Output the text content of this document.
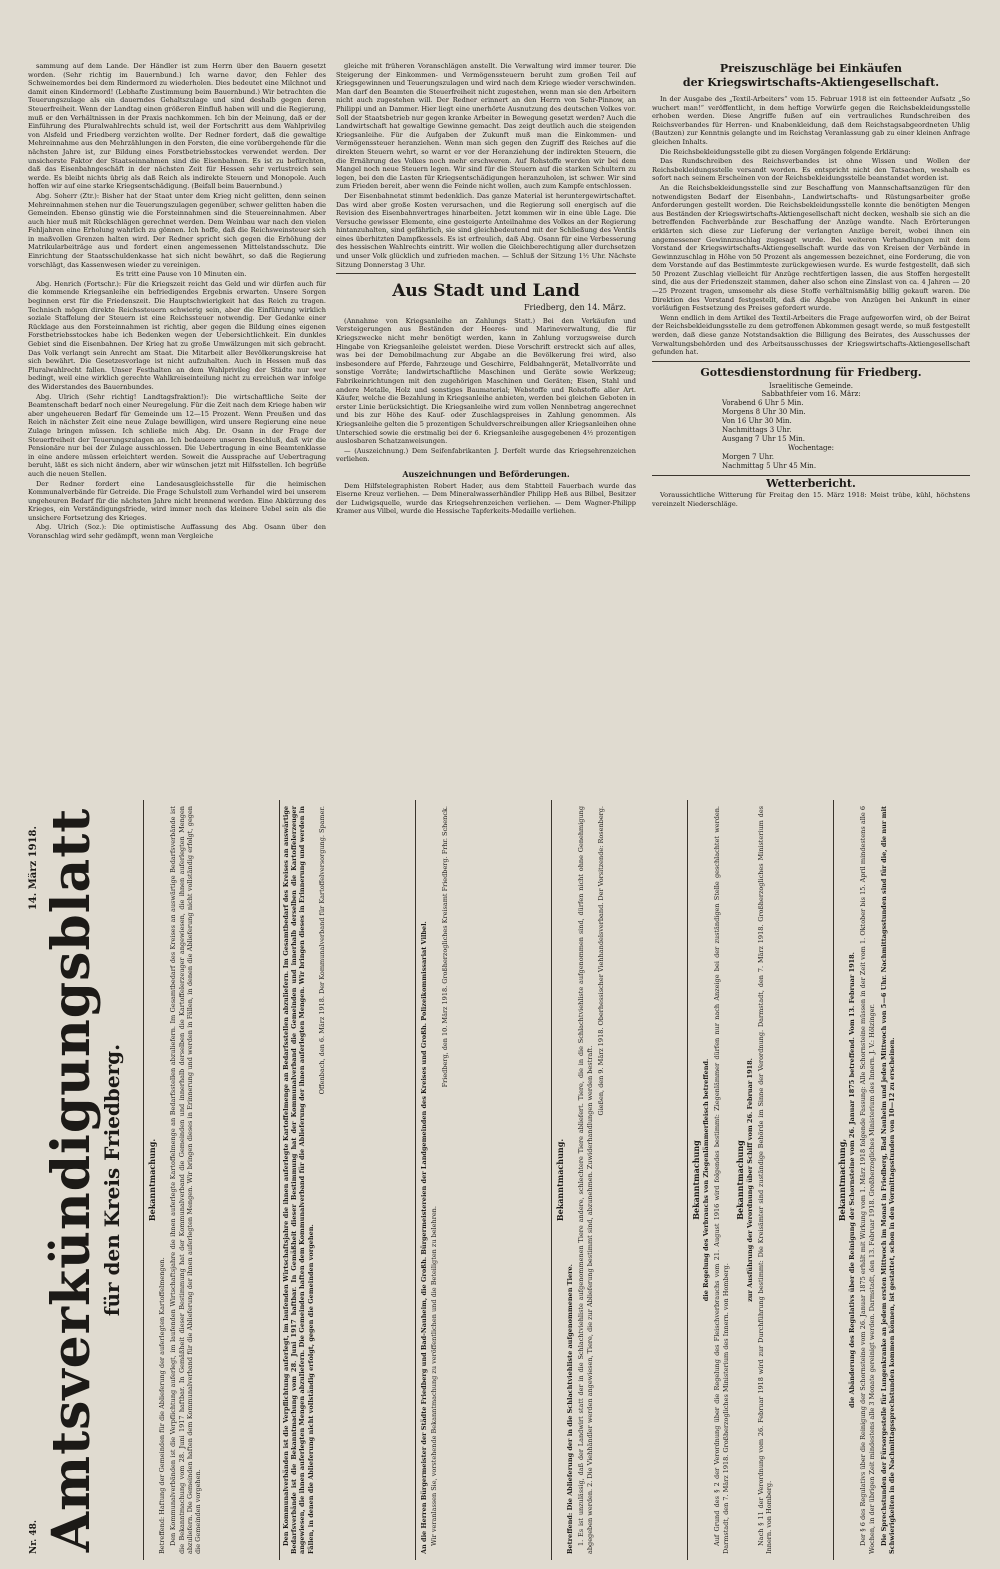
sammung auf dem Lande. Der Händler ist zum Herrn über den Bauern gesetzt worden. (Sehr richtig im Bauernbund.) Ich warne davor, den Fehler des Schweinemordes bei dem Rindermord zu wiederholen. Dies bedeutet eine Milchnot und damit einen Kindermord! (Lebhafte Zustimmung beim Bauernbund.) Wir betrachten die Teuerungszulage als ein dauerndes Gehaltszulage und sind deshalb gegen deren Steuerfreiheit. Wenn der Landtag einen größeren Einfluß haben will und die Regierung, muß er den Verhältnissen in der Praxis nachkommen. Ich bin der Meinung, daß er der Einführung des Pluralwahlrechts schuld ist, weil der Fortschritt aus dem Wahlprivileg von Alsfeld und Friedberg verzichten wollte. Der Redner fordert, daß die gewaltige Mehreinnahme aus den Mehrzählungen in den Forsten, die eine vorübergehende für die nächsten Jahre ist, zur Bildung eines Forstbetriebsstockes verwendet werden. Der unsicherste Faktor der Staatseinnahmen sind die Eisenbahnen. Es ist zu befürchten, daß das Eisenbahngeschäft in der nächsten Zeit für Hessen sehr verlustreich sein werde. Es bleibt nichts übrig als daß Reich als indirekte Steuern und Monopole. Auch hoffen wir auf eine starke Kriegsentschädigung. (Beifall beim Bauernbund.)

Abg. Soherr (Ztr.): Bisher hat der Staat unter dem Krieg nicht gelitten, denn seinen Mehreinnahmen stehen nur die Teuerungszulagen gegenüber, schwer gelitten haben die Gemeinden. Ebenso günstig wie die Forsteinnahmen sind die Steuereinnahmen. Aber auch hier muß mit Rückschlägen gerechnet werden. Dem Weinbau war nach den vielen Fehljahren eine Erholung wahrlich zu gönnen. Ich hoffe, daß die Reichsweinsteuer sich in maßvollen Grenzen halten wird. Der Redner spricht sich gegen die Erhöhung der Matrikularbeiträge aus und fordert einen angemessenen Mittelstandsschutz. Die Einrichtung der Staatsschuldenkasse hat sich nicht bewährt, so daß die Regierung vorschlägt, das Kassenwesen wieder zu vereinigen.

Es tritt eine Pause von 10 Minuten ein.

Abg. Henrich (Fortschr.): Für die Kriegszeit reicht das Geld und wir dürfen auch für die kommende Kriegsanleihe ein befriedigendes Ergebnis erwarten. Unsere Sorgen beginnen erst für die Friedenszeit. Die Hauptschwierigkeit hat das Reich zu tragen. Technisch mögen direkte Reichssteuern schwierig sein, aber die Einführung wirklich soziale Staffelung der Steuern ist eine Reichssteuer notwendig. Der Gedanke einer Rücklage aus den Forsteinnahmen ist richtig, aber gegen die Bildung eines eigenen Forstbetriebsstockes habe ich Bedenken wegen der Uebersichtlichkeit. Ein dunkles Gebiet sind die Eisenbahnen. Der Krieg hat zu große Umwälzungen mit sich gebracht. Das Volk verlangt sein Anrecht am Staat. Die Mitarbeit aller Bevölkerungskreise hat sich bewährt. Die Gesetzesvorlage ist nicht aufzuhalten. Auch in Hessen muß das Pluralwahlrecht fallen. Unser Festhalten an dem Wahlprivileg der Städte nur wer bedingt, weil eine wirklich gerechte Wahlkreiseinteilung nicht zu erreichen war infolge des Widerstandes des Bauernbundes.

Abg. Ulrich (Sehr richtig! Landtagsfraktion!): Die wirtschaftliche Seite der Beamtenschaft bedarf noch einer Neuregelung. Für die Zeit nach dem Kriege haben wir aber ungeheueren Bedarf für Gemeinde um 12—15 Prozent. Wenn Preußen und das Reich in nächster Zeit eine neue Zulage bewilligen, wird unsere Regierung eine neue Zulage bringen müssen. Ich schließe mich Abg. Dr. Osann in der Frage der Steuerfreiheit der Teuerungszulagen an. Ich bedauere unseren Beschluß, daß wir die Pensionäre nur bei der Zulage ausschlossen. Die Uebertragung in eine Beamtenklasse in eine andere müssen erleichtert werden. Soweit die Aussprache auf Uebertragung beruht, läßt es sich nicht ändern, aber wir wünschen jetzt mit Hilfsstellen. Ich begrüße auch die neuen Stellen.

Der Redner fordert eine Landesausgleichsstelle für die heimischen Kommunalverbände für Getreide. Die Frage Schulstoll zum Verhandel wird bei unserem ungeheuren Bedarf für die nächsten Jahre nicht brennend werden. Eine Abkürzung des Krieges, ein Verständigungsfriede, wird immer noch das kleinere Uebel sein als die unsichere Fortsetzung des Krieges.

Abg. Ulrich (Soz.): Die optimistische Auffassung des Abg. Osann über den Voranschlag wird sehr gedämpft, wenn man Vergleiche

gleiche mit früheren Voranschlägen anstellt. Die Verwaltung wird immer teurer. Die Steigerung der Einkommen- und Vermögenssteuern beruht zum großen Teil auf Kriegsgewinnen und Teuerungszulagen und wird nach dem Kriege wieder verschwinden. Man darf den Beamten die Steuerfreiheit nicht zugestehen, wenn man sie den Arbeitern nicht auch zugestehen will. Der Redner erinnert an den Herrn von Sehr-Pinnow, an Philippi und an Dammer. Hier liegt eine unerhörte Ausnutzung des deutschen Volkes vor. Soll der Staatsbetrieb nur gegen kranke Arbeiter in Bewegung gesetzt werden? Auch die Landwirtschaft hat gewaltige Gewinne gemacht. Das zeigt deutlich auch die steigenden Kriegsanleihe. Für die Aufgaben der Zukunft muß man die Einkommen- und Vermögenssteuer heranziehen. Wenn man sich gegen den Zugriff des Reiches auf die direkten Steuern wehrt, so warnt er vor der Heranziehung der indirekten Steuern, die die Ernährung des Volkes noch mehr erschweren. Auf Rohstoffe werden wir bei dem Mangel noch neue Steuern legen. Wir sind für die Steuern auf die starken Schultern zu legen, bei den die Lasten für Kriegsentschädigungen heranzuholen, ist schwer. Wir sind zum Frieden bereit, aber wenn die Feinde nicht wollen, auch zum Kampfe entschlossen.

Der Eisenbahnetat stimmt bedenklich. Das ganze Material ist heruntergewirtschaftet. Das wird aber große Kosten verursachen, und die Regierung soll energisch auf die Revision des Eisenbahnvertrages hinarbeiten. Jetzt kommen wir in eine üble Lage. Die Versuche gewisser Elemente, eine gesteigerte Anteilnahme des Volkes an der Regierung hintanzuhalten, sind gefährlich, sie sind gleichbedeutend mit der Schließung des Ventils eines überhitzten Dampfkessels. Es ist erfreulich, daß Abg. Osann für eine Verbesserung des hessischen Wahlrechts eintritt. Wir wollen die Gleichberechtigung aller durchsetzen und unser Volk glücklich und zufrieden machen. — Schluß der Sitzung 1½ Uhr. Nächste Sitzung Donnerstag 3 Uhr.

Aus Stadt und Land
Friedberg, den 14. März.

(Annahme von Kriegsanleihe an Zahlungs Statt.) Bei den Verkäufen und Versteigerungen aus Beständen der Heeres- und Marineverwaltung, die für Kriegszwecke nicht mehr benötigt werden, kann in Zahlung vorzugsweise durch Hingabe von Kriegsanleihe geleistet werden. Diese Vorschrift erstreckt sich auf alles, was bei der Demobilmachung zur Abgabe an die Bevölkerung frei wird, also insbesondere auf Pferde, Fahrzeuge und Geschirre, Feldbahngerät, Metallvorräte und sonstige Vorräte; landwirtschaftliche Maschinen und Geräte sowie Werkzeug; Fabrikeinrichtungen mit den zugehörigen Maschinen und Geräten; Eisen, Stahl und andere Metalle, Holz und sonstiges Baumaterial; Webstoffe und Rohstoffe aller Art. Käufer, welche die Bezahlung in Kriegsanleihe anbieten, werden bei gleichen Geboten in erster Linie berücksichtigt. Die Kriegsanleihe wird zum vollen Nennbetrag angerechnet und bis zur Höhe des Kauf- oder Zuschlagspreises in Zahlung genommen. Als Kriegsanleihe gelten die 5 prozentigen Schuldverschreibungen aller Kriegsanleihen ohne Unterschied sowie die erstmalig bei der 6. Kriegsanleihe ausgegebenen 4½ prozentigen auslosbaren Schatzanweisungen.

— (Auszeichnung.) Dem Seifenfabrikanten J. Derfelt wurde das Kriegsehrenzeichen verliehen.

Auszeichnungen und Beförderungen.

Dem Hilfstelegraphisten Robert Hader, aus dem Stabtteil Fauerbach wurde das Eiserne Kreuz verliehen. — Dem Mineralwasserhändler Philipp Heß aus Bilbel, Besitzer der Ludwigsquelle, wurde das Kriegsehrenzeichen verliehen. — Dem Wagner-Philipp Kramer aus Vilbel, wurde die Hessische Tapferkeits-Medaille verliehen.

Preiszuschläge bei Einkäufen
der Kriegswirtschafts-Aktiengesellschaft.

In der Ausgabe des „Textil-Arbeiters“ vom 15. Februar 1918 ist ein fetteender Aufsatz „So wuchert man!“ veröffentlicht, in dem heftige Vorwürfe gegen die Reichsbekleidungsstelle erhoben werden. Diese Angriffe fußen auf ein vertrauliches Rundschreiben des Reichsverbandes für Herren- und Knabenkleidung, daß dem Reichstagsabgeordneten Uhlig (Bautzen) zur Kenntnis gelangte und im Reichstag Veranlassung gab zu einer kleinen Anfrage gleichen Inhalts.

Die Reichsbekleidungsstelle gibt zu diesen Vorgängen folgende Erklärung:

Das Rundschreiben des Reichsverbandes ist ohne Wissen und Wollen der Reichsbekleidungsstelle versandt worden. Es entspricht nicht den Tatsachen, weshalb es sofort nach seinem Erscheinen von der Reichsbekleidungsstelle beanstandet worden ist.

An die Reichsbekleidungsstelle sind zur Beschaffung von Mannschaftsanzügen für den notwendigsten Bedarf der Eisenbahn-, Landwirtschafts- und Rüstungsarbeiter große Anforderungen gestellt worden. Die Reichsbekleidungsstelle konnte die benötigten Mengen aus Beständen der Kriegswirtschafts-Aktiengesellschaft nicht decken, weshalb sie sich an die betreffenden Fachverbände zur Beschaffung der Anzüge wandte. Nach Erörterungen erklärten sich diese zur Lieferung der verlangten Anzüge bereit, wobei ihnen ein angemessener Gewinnzuschlag zugesagt wurde. Bei weiteren Verhandlungen mit dem Vorstand der Kriegswirtschafts-Aktiengesellschaft wurde das von Kreisen der Verbände in Gewinnzuschlag in Höhe von 50 Prozent als angemessen bezeichnet, eine Forderung, die von dem Vorstande auf das Bestimmteste zurückgewiesen wurde. Es wurde festgestellt, daß sich 50 Prozent Zuschlag vielleicht für Anzüge rechtfertigen lassen, die aus Stoffen hergestellt sind, die aus der Friedenszeit stammen, daher also schon eine Zinslast von ca. 4 Jahren — 20—25 Prozent tragen, umsomehr als diese Stoffe verhältnismäßig billig gekauft waren. Die Direktion des Vorstand festgestellt, daß die Abgabe von Anzügen bei Ankunft in einer vorläufigen Festsetzung des Preises gefordert wurde.

Wenn endlich in dem Artikel des Textil-Arbeiters die Frage aufgeworfen wird, ob der Beirat der Reichsbekleidungsstelle zu dem getroffenen Abkommen gesagt werde, so muß festgestellt werden, daß diese ganze Notstandsaktion die Billigung des Beirates, des Ausschusses der Verwaltungsbehörden und des Arbeitsausschusses der Kriegswirtschafts-Aktiengesellschaft gefunden hat.

Gottesdienstordnung für Friedberg.
Israelitische Gemeinde.
Sabbathfeier vom 16. März:
Vorabend 6 Uhr 5 Min.
Morgens 8 Uhr 30 Min.
Von 16 Uhr 30 Min.
Nachmittags 3 Uhr.
Ausgang 7 Uhr 15 Min.
Wochentage:
Morgen 7 Uhr.
Nachmittag 5 Uhr 45 Min.
Wetterbericht.

Voraussichtliche Witterung für Freitag den 15. März 1918: Meist trübe, kühl, höchstens vereinzelt Niederschläge.

Nr. 48.
14. März 1918. Amtsverkündigungsblatt
für den Kreis Friedberg.	Bekanntmachung.
Betreffend: Haftung der Gemeinden für die Ablieferung der auferlegten Kartoffelmengen. Den Kommunalverbänden ist die Verpflichtung auferlegt, im laufenden Wirtschaftsjahre die ihnen auferlegte Kartoffelmenge an Bedarfsstellen abzuliefern. Im Gesamtbedarf des Kreises an auswärtige Bedarfsverbände ist die Bekanntmachung vom 28. Juni 1917 haftbar. In Gemäßheit dieser Bestimmung hat der Kommunalverband die Gemeinden und innerhalb derselben die Kartoffelerzeuger angewiesen, die ihnen auferlegten Mengen abzuliefern. Die Gemeinden haften dem Kommunalverband für die Ablieferung der ihnen auferlegten Mengen. Wir bringen dieses in Erinnerung und werden in Fällen, in denen die Ablieferung nicht vollständig erfolgt, gegen die Gemeinden vorgehen.	Den Kommunalverbänden ist die Verpflichtung auferlegt, im laufenden Wirtschaftsjahre die ihnen auferlegte Kartoffelmenge an Bedarfsstellen abzuliefern. Im Gesamtbedarf des Kreises an auswärtige Bedarfsverbände ist die Bekanntmachung vom 28. Juni 1917 haftbar. In Gemäßheit dieser Bestimmung hat der Kommunalverband die Gemeinden und innerhalb derselben die Kartoffelerzeuger angewiesen, die ihnen auferlegten Mengen abzuliefern. Die Gemeinden haften dem Kommunalverband für die Ablieferung der ihnen auferlegten Mengen. Wir bringen dieses in Erinnerung und werden in Fällen, in denen die Ablieferung nicht vollständig erfolgt, gegen die Gemeinden vorgehen.
Offenbach, den 6. März 1918. Der Kommunalverband für Kartoffelversorgung. Spamer.	An die Herren Bürgermeister der Städte Friedberg und Bad-Nauheim, die Großh. Bürgermeistereien der Landgemeinden des Kreises und Großh. Polizeikommissariat Vilbel. Wir veranlassen Sie, vorstehende Bekanntmachung zu veröffentlichen und die Beteiligten zu belehren.
Friedberg, den 10. März 1918. Großherzogliches Kreisamt Friedberg. Frhr. Schenck.
Bekanntmachung.
Betreffend: Die Ablieferung der in die Schlachtviehliste aufgenommenen Tiere. 1. Es ist unzulässig, daß der Landwirt statt der in die Schlachtviehliste aufgenommenen Tiere andere, schlechtere Tiere abliefert. Tiere, die in die Schlachtviehliste aufgenommen sind, dürfen nicht ohne Genehmigung abgegeben werden. 2. Die Viehhändler werden angewiesen, Tiere, die zur Ablieferung bestimmt sind, abzunehmen. Zuwiderhandlungen werden bestraft.
Gießen, den 9. März 1918. Oberhessischer Viehhandelsverband. Der Vorsitzende: Rosenberg.
Bekanntmachung die Regelung des Verbrauchs von Ziegenlämmerfleisch betreffend. Auf Grund des § 2 der Verordnung über die Regelung des Fleischverbrauchs vom 21. August 1916 wird folgendes bestimmt: Ziegenlämmer dürfen nur nach Anzeige bei der zuständigen Stelle geschlachtet werden. Darmstadt, den 7. März 1918. Großherzogliches Ministerium des Innern. von Homberg.
Bekanntmachung zur Ausführung der Verordnung über Schiff vom 26. Februar 1918. Nach § 11 der Verordnung vom 26. Februar 1918 wird zur Durchführung bestimmt: Die Kreisämter sind zuständige Behörde im Sinne der Verordnung. Darmstadt, den 7. März 1918. Großherzogliches Ministerium des Innern. von Homberg.
Bekanntmachung, die Abänderung des Regulativs über die Reinigung der Schornsteine vom 26. Januar 1875 betreffend. Vom 13. Februar 1918. Der § 6 des Regulativs über die Reinigung der Schornsteine vom 26. Januar 1875 erhält mit Wirkung vom 1. März 1918 folgende Fassung: Alle Schornsteine müssen in der Zeit vom 1. Oktober bis 15. April mindestens alle 6 Wochen, in der übrigen Zeit mindestens alle 3 Monate gereinigt werden. Darmstadt, den 13. Februar 1918. Großherzogliches Ministerium des Innern. J. V.: Hölzinger. Die Sprechstunden der Fürsorgestelle für Lungenkranke an jedem ersten Mittwoch im Monat in Friedberg, Bad Nauheim und jeden Mittwoch von 5—6 Uhr. Nachmittagsstunden sind für die, die nur mit Schwierigkeiten in die Nachmittagssprechstunden kommen können, ist gestattet, schon in den Vormittagsstunden von 10—12 zu erscheinen.
